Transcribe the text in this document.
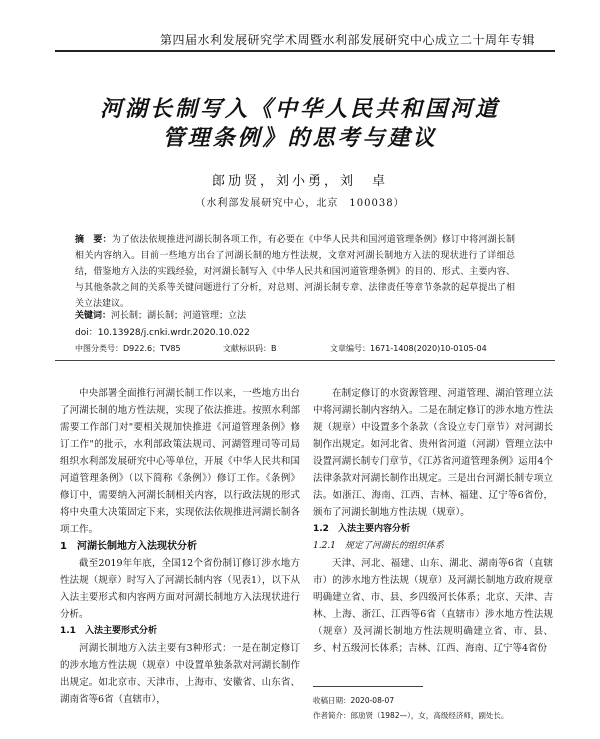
第四届水利发展研究学术周暨水利部发展研究中心成立二十周年专辑
河湖长制写入《中华人民共和国河道
管理条例》的思考与建议
郎劢贤，刘小勇，刘　卓
（水利部发展研究中心，北京　100038）
摘　要：为了依法依规推进河湖长制各项工作，有必要在《中华人民共和国河道管理条例》修订中将河湖长制相关内容纳入。目前一些地方出台了河湖长制的地方性法规，文章对河湖长制地方入法的现状进行了详细总结，借鉴地方入法的实践经验，对河湖长制写入《中华人民共和国河道管理条例》的目的、形式、主要内容、与其他条款之间的关系等关键问题进行了分析，对总则、河湖长制专章、法律责任等章节条款的起草提出了相关立法建议。
关键词：河长制；湖长制；河道管理；立法
doi：10.13928/j.cnki.wrdr.2020.10.022
中图分类号：D922.6；TV85	文献标识码：B	文章编号：1671-1408(2020)10-0105-04

中央部署全面推行河湖长制工作以来，一些地方出台了河湖长制的地方性法规，实现了依法推进。按照水利部需要工作部门对"要相关规加快推进《河道管理条例》修订工作"的批示，水利部政策法规司、河湖管理司等司局组织水利部发展研究中心等单位，开展《中华人民共和国河道管理条例》（以下简称《条例》）修订工作。《条例》修订中，需要纳入河湖长制相关内容，以行政法规的形式将中央重大决策固定下来，实现依法依规推进河湖长制各项工作。

1　河湖长制地方入法现状分析

截至2019年年底，全国12个省份制订修订涉水地方性法规（规章）时写入了河湖长制内容（见表1），以下从入法主要形式和内容两方面对河湖长制地方入法现状进行分析。

1.1　入法主要形式分析

河湖长制地方入法主要有3种形式：一是在制定修订的涉水地方性法规（规章）中设置单独条款对河湖长制作出规定。如北京市、天津市、上海市、安徽省、山东省、湖南省等6省（直辖市），

在制定修订的水资源管理、河道管理、湖泊管理立法中将河湖长制内容纳入。二是在制定修订的涉水地方性法规（规章）中设置多个条款（含设立专门章节）对河湖长制作出规定。如河北省、贵州省河道（河湖）管理立法中设置河湖长制专门章节，《江苏省河道管理条例》运用4个法律条款对河湖长制作出规定。三是出台河湖长制专项立法。如浙江、海南、江西、吉林、福建、辽宁等6省份，颁布了河湖长制地方性法规（规章）。

1.2　入法主要内容分析

1.2.1　规定了河湖长的组织体系

天津、河北、福建、山东、湖北、湖南等6省（直辖市）的涉水地方性法规（规章）及河湖长制地方政府规章明确建立省、市、县、乡四级河长体系；北京、天津、吉林、上海、浙江、江西等6省（直辖市）涉水地方性法规（规章）及河湖长制地方性法规明确建立省、市、县、乡、村五级河长体系；吉林、江西、海南、辽宁等4省份

收稿日期：2020-08-07
作者简介：郎劢贤（1982—），女，高级经济师，副处长。
